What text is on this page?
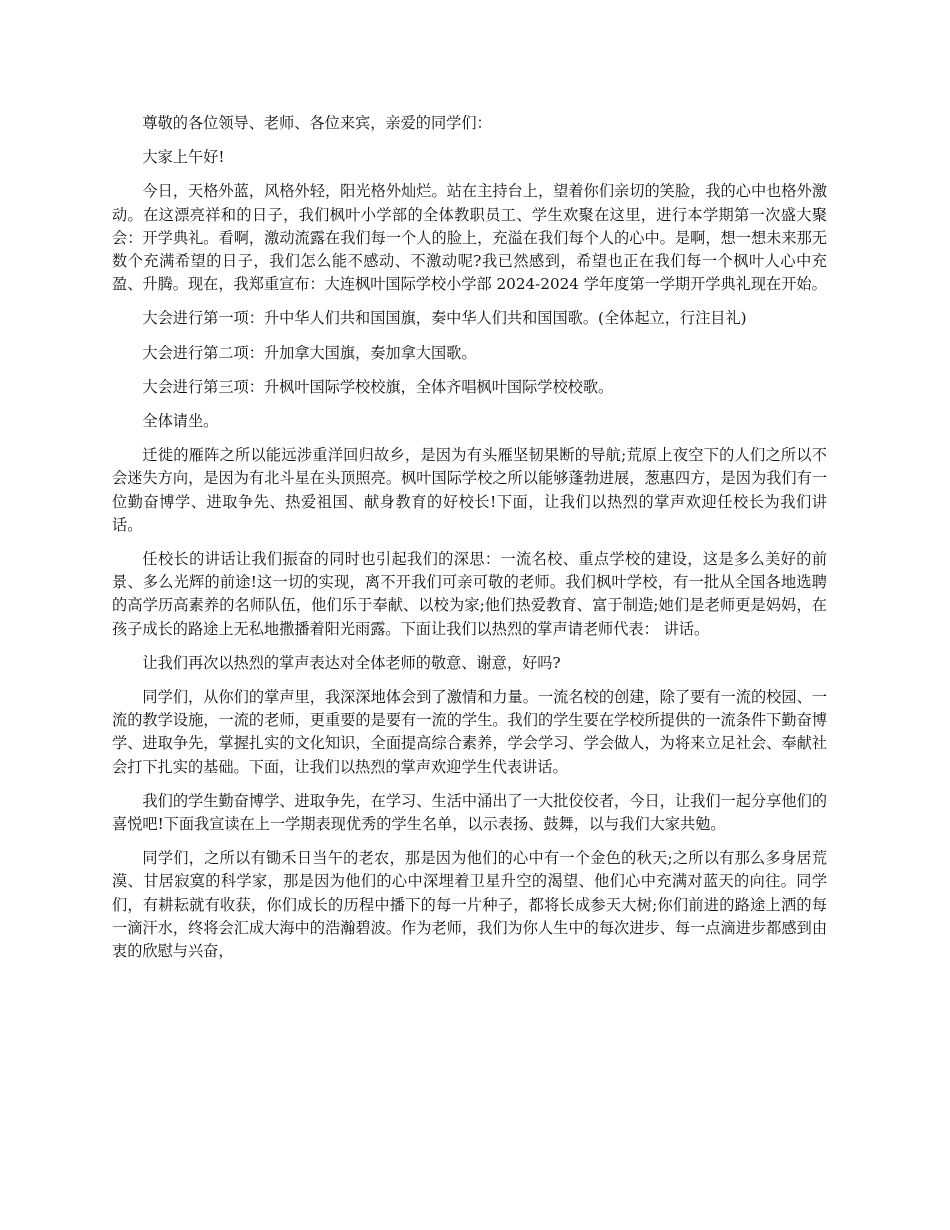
尊敬的各位领导、老师、各位来宾，亲爱的同学们：

大家上午好!

今日，天格外蓝，风格外轻，阳光格外灿烂。站在主持台上，望着你们亲切的笑脸，我的心中也格外激动。在这漂亮祥和的日子，我们枫叶小学部的全体教职员工、学生欢聚在这里，进行本学期第一次盛大聚会：开学典礼。看啊，激动流露在我们每一个人的脸上，充溢在我们每个人的心中。是啊，想一想未来那无数个充满希望的日子，我们怎么能不感动、不激动呢?我已然感到，希望也正在我们每一个枫叶人心中充盈、升腾。现在，我郑重宣布：大连枫叶国际学校小学部 2024-2024 学年度第一学期开学典礼现在开始。

大会进行第一项：升中华人们共和国国旗，奏中华人们共和国国歌。(全体起立，行注目礼)

大会进行第二项：升加拿大国旗，奏加拿大国歌。

大会进行第三项：升枫叶国际学校校旗，全体齐唱枫叶国际学校校歌。

全体请坐。

迁徙的雁阵之所以能远涉重洋回归故乡，是因为有头雁坚韧果断的导航;荒原上夜空下的人们之所以不会迷失方向，是因为有北斗星在头顶照亮。枫叶国际学校之所以能够蓬勃进展，葱惠四方，是因为我们有一位勤奋博学、进取争先、热爱祖国、献身教育的好校长!下面，让我们以热烈的掌声欢迎任校长为我们讲话。

任校长的讲话让我们振奋的同时也引起我们的深思：一流名校、重点学校的建设，这是多么美好的前景、多么光辉的前途!这一切的实现，离不开我们可亲可敬的老师。我们枫叶学校，有一批从全国各地选聘的高学历高素养的名师队伍，他们乐于奉献、以校为家;他们热爱教育、富于制造;她们是老师更是妈妈，在孩子成长的路途上无私地撒播着阳光雨露。下面让我们以热烈的掌声请老师代表： 讲话。

让我们再次以热烈的掌声表达对全体老师的敬意、谢意，好吗?

同学们，从你们的掌声里，我深深地体会到了激情和力量。一流名校的创建，除了要有一流的校园、一流的教学设施，一流的老师，更重要的是要有一流的学生。我们的学生要在学校所提供的一流条件下勤奋博学、进取争先，掌握扎实的文化知识，全面提高综合素养，学会学习、学会做人，为将来立足社会、奉献社会打下扎实的基础。下面，让我们以热烈的掌声欢迎学生代表讲话。

我们的学生勤奋博学、进取争先，在学习、生活中涌出了一大批佼佼者，今日，让我们一起分享他们的喜悦吧!下面我宣读在上一学期表现优秀的学生名单，以示表扬、鼓舞，以与我们大家共勉。

同学们，之所以有锄禾日当午的老农，那是因为他们的心中有一个金色的秋天;之所以有那么多身居荒漠、甘居寂寞的科学家，那是因为他们的心中深埋着卫星升空的渴望、他们心中充满对蓝天的向往。同学们，有耕耘就有收获，你们成长的历程中播下的每一片种子，都将长成参天大树;你们前进的路途上洒的每一滴汗水，终将会汇成大海中的浩瀚碧波。作为老师，我们为你人生中的每次进步、每一点滴进步都感到由衷的欣慰与兴奋，
